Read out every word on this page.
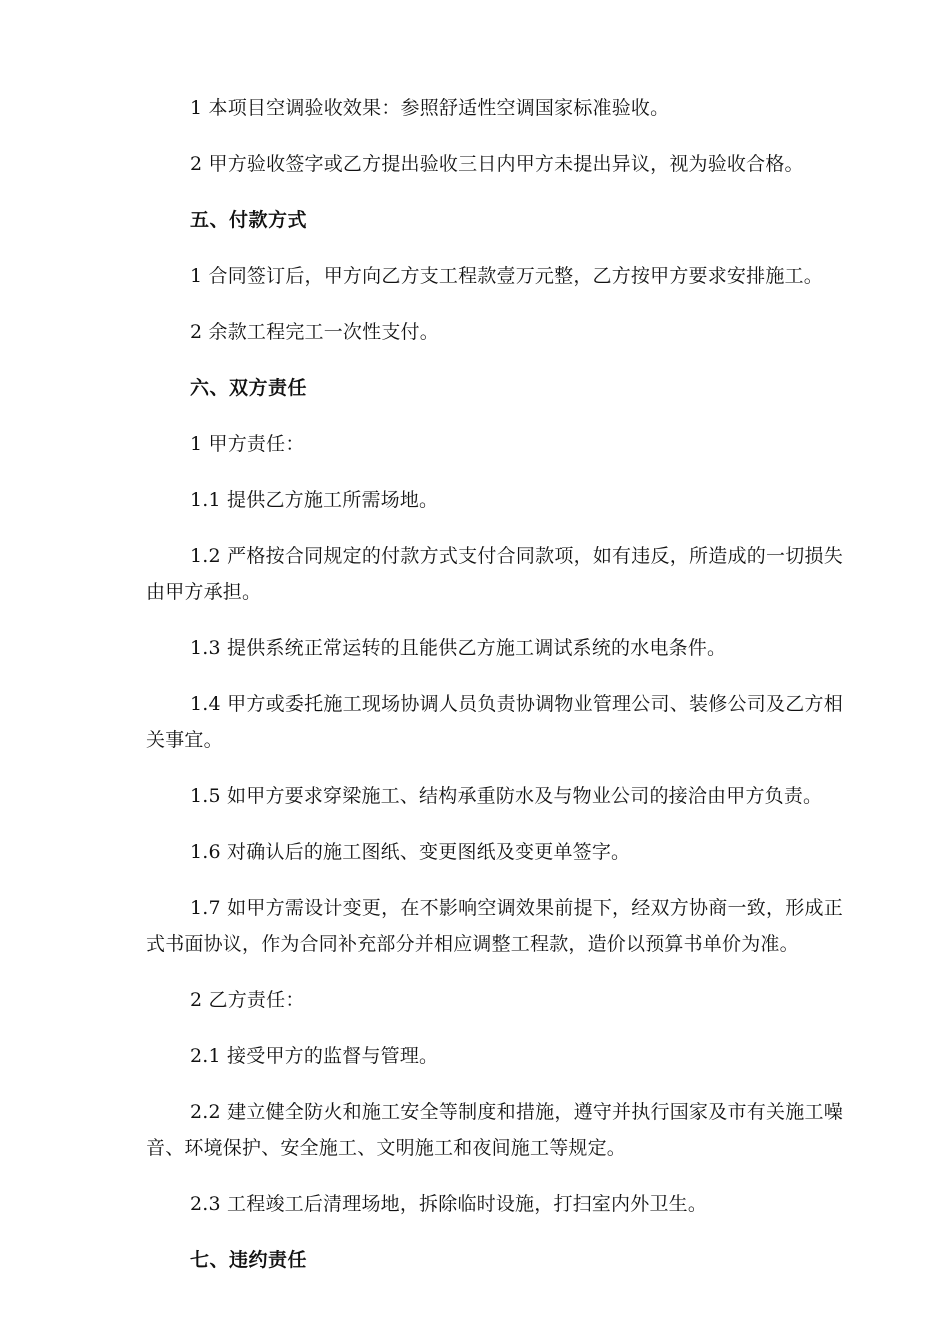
1 本项目空调验收效果：参照舒适性空调国家标准验收。

2 甲方验收签字或乙方提出验收三日内甲方未提出异议，视为验收合格。

五、付款方式

1 合同签订后，甲方向乙方支工程款壹万元整，乙方按甲方要求安排施工。

2 余款工程完工一次性支付。

六、双方责任

1 甲方责任：

1.1 提供乙方施工所需场地。

1.2 严格按合同规定的付款方式支付合同款项，如有违反，所造成的一切损失由甲方承担。

1.3 提供系统正常运转的且能供乙方施工调试系统的水电条件。

1.4 甲方或委托施工现场协调人员负责协调物业管理公司、装修公司及乙方相关事宜。

1.5 如甲方要求穿梁施工、结构承重防水及与物业公司的接洽由甲方负责。

1.6 对确认后的施工图纸、变更图纸及变更单签字。

1.7 如甲方需设计变更，在不影响空调效果前提下，经双方协商一致，形成正式书面协议，作为合同补充部分并相应调整工程款，造价以预算书单价为准。

2 乙方责任：

2.1 接受甲方的监督与管理。

2.2 建立健全防火和施工安全等制度和措施，遵守并执行国家及市有关施工噪音、环境保护、安全施工、文明施工和夜间施工等规定。

2.3 工程竣工后清理场地，拆除临时设施，打扫室内外卫生。

七、违约责任
